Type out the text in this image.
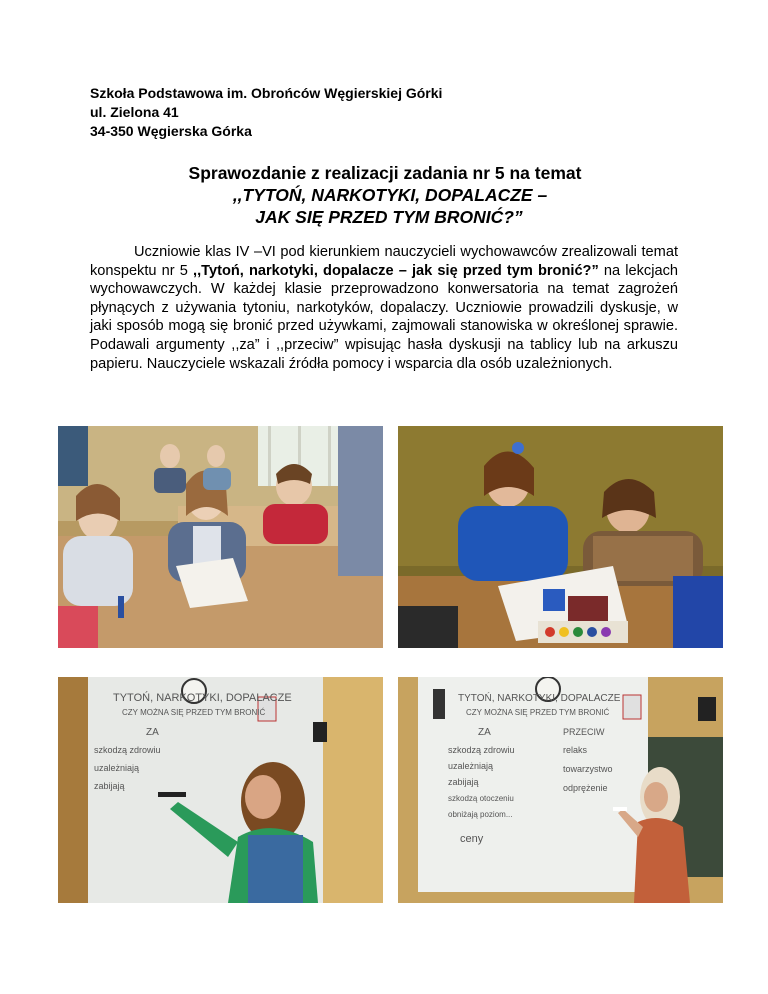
Szkoła Podstawowa im. Obrońców Węgierskiej Górki
ul. Zielona 41
34-350 Węgierska Górka
Sprawozdanie z realizacji zadania nr 5 na temat
,,TYTOŃ, NARKOTYKI, DOPALACZE –
JAK SIĘ PRZED TYM BRONIĆ?”
Uczniowie klas IV –VI pod kierunkiem nauczycieli wychowawców zrealizowali temat konspektu nr 5 ,,Tytoń, narkotyki, dopalacze – jak się przed tym bronić?” na lekcjach wychowawczych. W każdej klasie przeprowadzono konwersatoria na temat zagrożeń płynących z używania tytoniu, narkotyków, dopalaczy. Uczniowie prowadzili dyskusje, w jaki sposób mogą się bronić przed używkami, zajmowali stanowiska w określonej sprawie. Podawali argumenty ,,za” i ,,przeciw” wpisując hasła dyskusji na tablicy lub na arkuszu papieru. Nauczyciele wskazali źródła pomocy i wsparcia dla osób uzależnionych.
TYTOŃ, NARKOTYKI, DOPALACZE
CZY MOŻNA SIĘ PRZED TYM BRONIĆ
ZA
szkodzą zdrowiu
uzależniają
zabijają
TYTOŃ, NARKOTYKI, DOPALACZE
CZY MOŻNA SIĘ PRZED TYM BRONIĆ
ZA	PRZECIW
szkodzą zdrowiu
uzależniają
zabijają
szkodzą otoczeniu
obniżają poziom...
ceny
relaks
towarzystwo
odprężenie
